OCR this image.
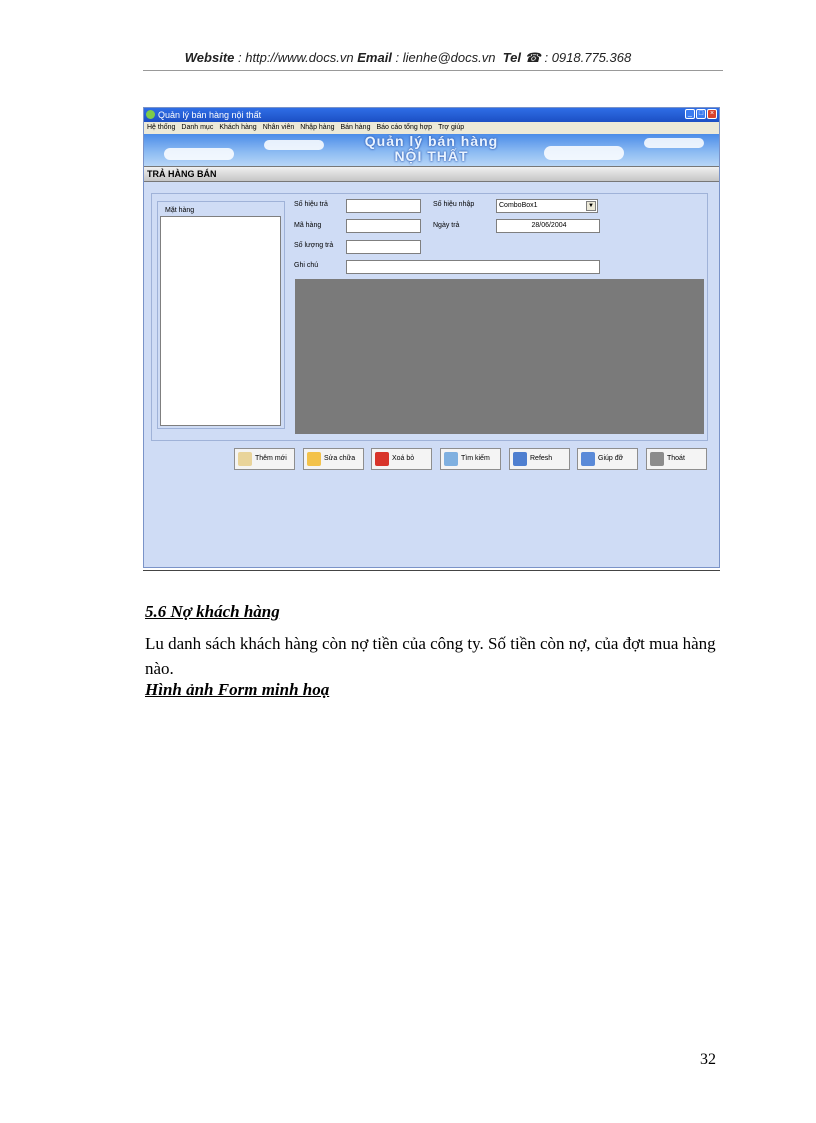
Website : http://www.docs.vn Email : lienhe@docs.vn Tel ☎ : 0918.775.368
Quản lý bán hàng nội thất	_ □ ×
Hệ thống Danh mục Khách hàng Nhân viên Nhập hàng Bán hàng Báo cáo tổng hợp Trợ giúp
Quản lý bán hàng
NỘI THẤT
TRẢ HÀNG BÁN
Mặt hàng
Số hiệu trả	Số hiệu nhập	ComboBox1	▼
Mã hàng	Ngày trả	28/06/2004
Số lượng trả
Ghi chú
Thêm mới	Sửa chữa	Xoá bỏ	Tìm kiếm	Refesh	Giúp đỡ	Thoát
5.6 Nợ khách hàng
Lu danh sách khách hàng còn nợ tiền của công ty. Số tiền còn nợ, của đợt mua hàng nào.
Hình ảnh Form minh hoạ
32
